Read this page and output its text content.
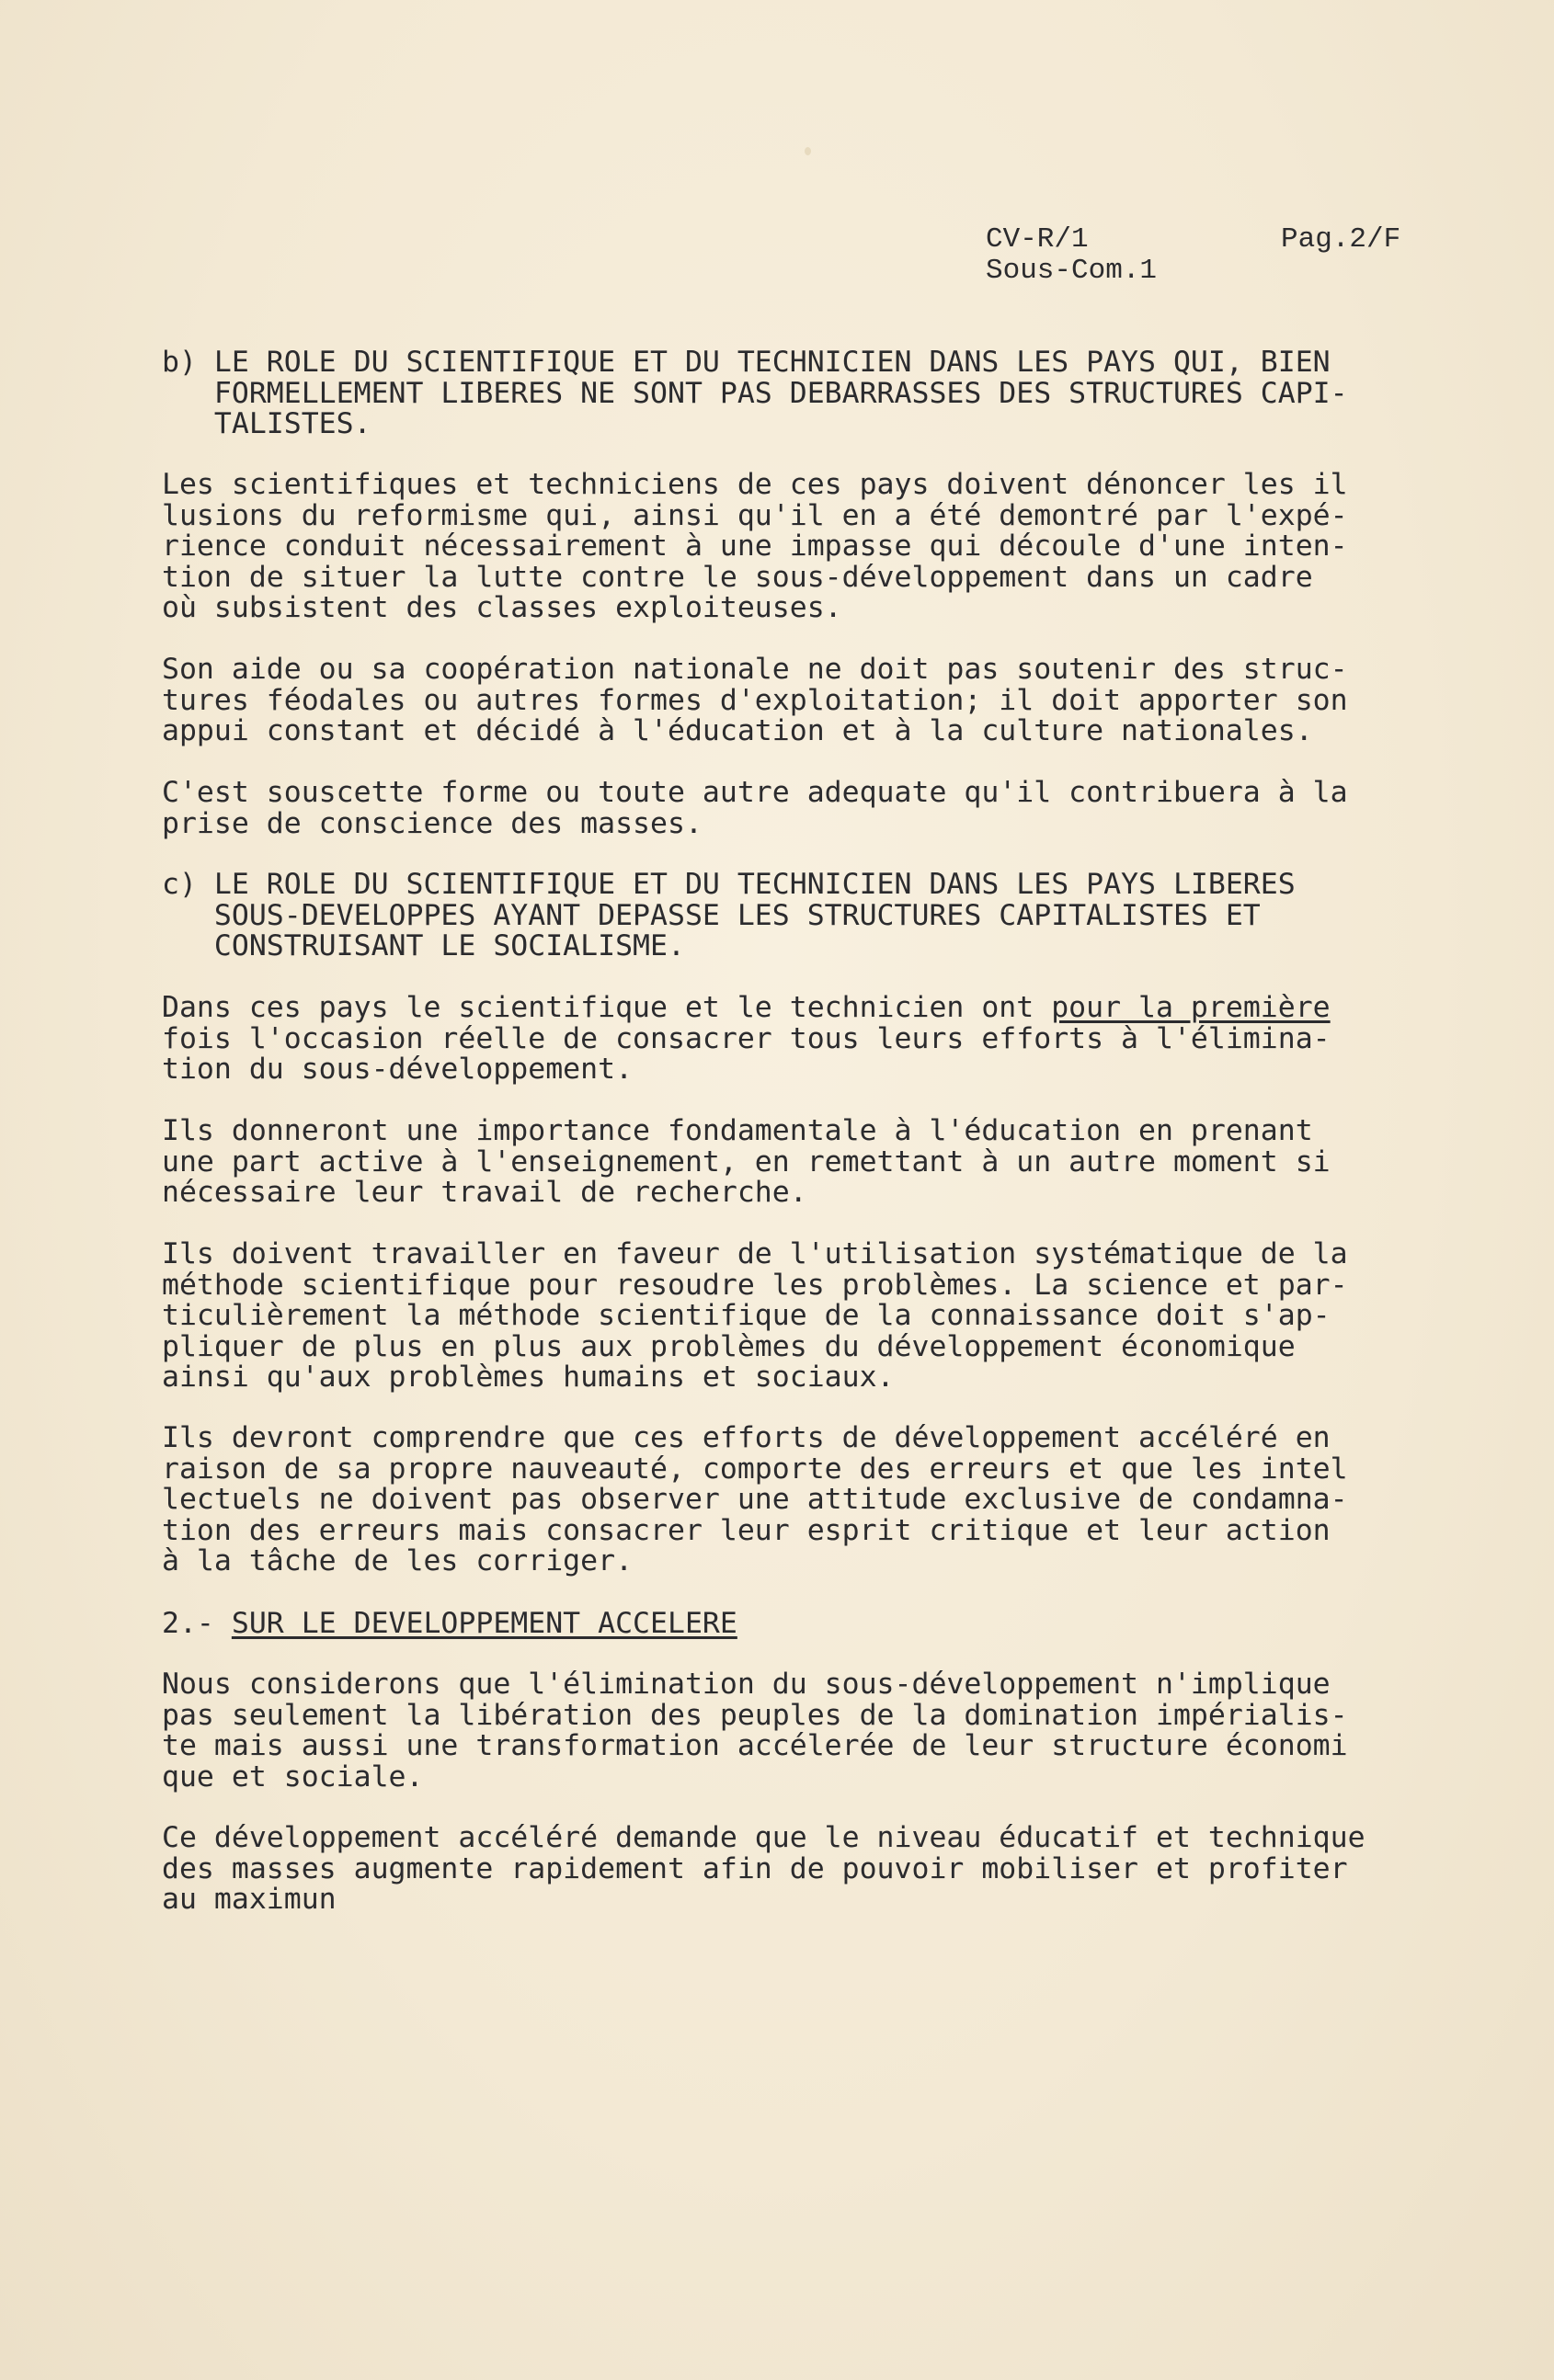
CV-R/1	Pag.2/F
Sous-Com.1
b) LE ROLE DU SCIENTIFIQUE ET DU TECHNICIEN DANS LES PAYS QUI, BIEN
FORMELLEMENT LIBERES NE SONT PAS DEBARRASSES DES STRUCTURES CAPI-
TALISTES.
Les scientifiques et techniciens de ces pays doivent dénoncer les il
lusions du reformisme qui, ainsi qu'il en a été demontré par l'expé-
rience conduit nécessairement à une impasse qui découle d'une inten-
tion de situer la lutte contre le sous-développement dans un cadre
où subsistent des classes exploiteuses.
Son aide ou sa coopération nationale ne doit pas soutenir des struc-
tures féodales ou autres formes d'exploitation; il doit apporter son
appui constant et décidé à l'éducation et à la culture nationales.
C'est souscette forme ou toute autre adequate qu'il contribuera à la
prise de conscience des masses.
c) LE ROLE DU SCIENTIFIQUE ET DU TECHNICIEN DANS LES PAYS LIBERES
SOUS-DEVELOPPES AYANT DEPASSE LES STRUCTURES CAPITALISTES ET
CONSTRUISANT LE SOCIALISME.
Dans ces pays le scientifique et le technicien ont pour la première
fois l'occasion réelle de consacrer tous leurs efforts à l'élimina-
tion du sous-développement.
Ils donneront une importance fondamentale à l'éducation en prenant
une part active à l'enseignement, en remettant à un autre moment si
nécessaire leur travail de recherche.
Ils doivent travailler en faveur de l'utilisation systématique de la
méthode scientifique pour resoudre les problèmes. La science et par-
ticulièrement la méthode scientifique de la connaissance doit s'ap-
pliquer de plus en plus aux problèmes du développement économique
ainsi qu'aux problèmes humains et sociaux.
Ils devront comprendre que ces efforts de développement accéléré en
raison de sa propre nauveauté, comporte des erreurs et que les intel
lectuels ne doivent pas observer une attitude exclusive de condamna-
tion des erreurs mais consacrer leur esprit critique et leur action
à la tâche de les corriger.
2.- SUR LE DEVELOPPEMENT ACCELERE
Nous considerons que l'élimination du sous-développement n'implique
pas seulement la libération des peuples de la domination impérialis-
te mais aussi une transformation accélerée de leur structure économi
que et sociale.
Ce développement accéléré demande que le niveau éducatif et technique
des masses augmente rapidement afin de pouvoir mobiliser et profiter
au maximun
